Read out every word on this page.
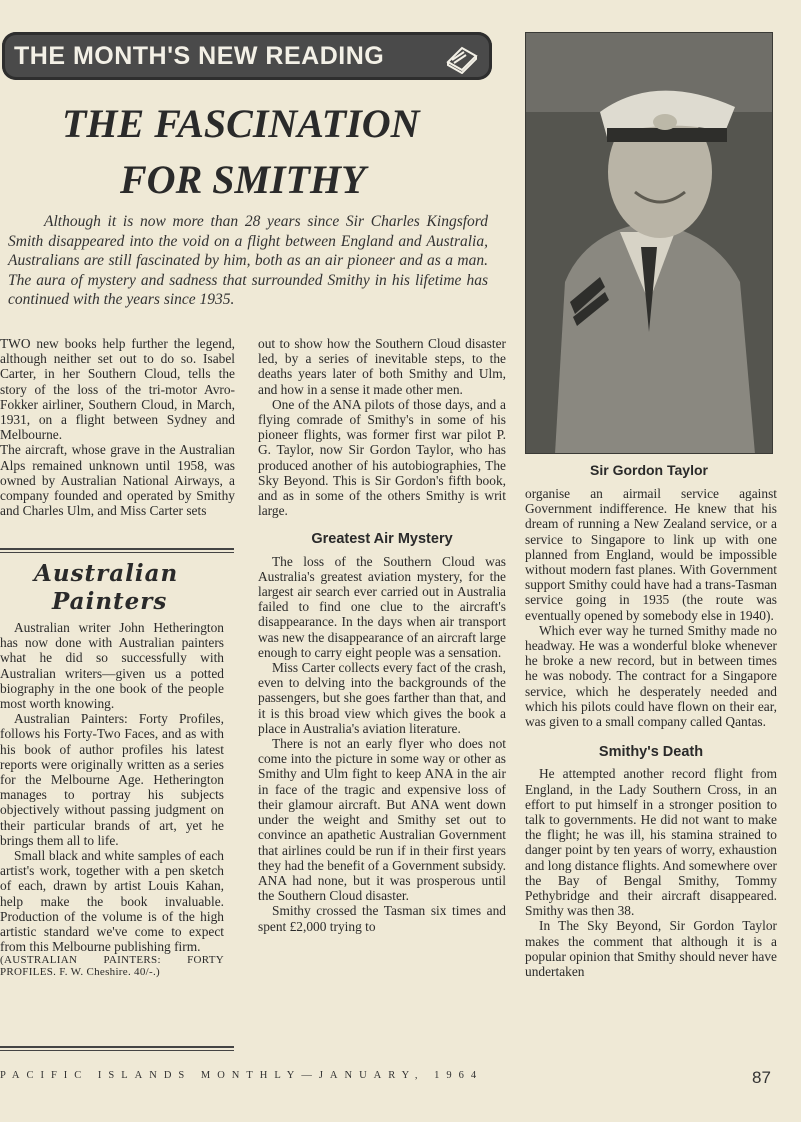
THE MONTH'S NEW READING
THE FASCINATION
FOR SMITHY
Although it is now more than 28 years since Sir Charles Kingsford Smith disappeared into the void on a flight between England and Australia, Australians are still fascinated by him, both as an air pioneer and as a man. The aura of mystery and sadness that surrounded Smithy in his lifetime has continued with the years since 1935.

TWO new books help further the legend, although neither set out to do so. Isabel Carter, in her Southern Cloud, tells the story of the loss of the tri-motor Avro-Fokker airliner, Southern Cloud, in March, 1931, on a flight between Sydney and Melbourne.

The aircraft, whose grave in the Australian Alps remained unknown until 1958, was owned by Australian National Airways, a company founded and operated by Smithy and Charles Ulm, and Miss Carter sets

Australian
Painters

Australian writer John Hetherington has now done with Australian painters what he did so successfully with Australian writers—given us a potted biography in the one book of the people most worth knowing.

Australian Painters: Forty Profiles, follows his Forty-Two Faces, and as with his book of author profiles his latest reports were originally written as a series for the Melbourne Age. Hetherington manages to portray his subjects objectively without passing judgment on their particular brands of art, yet he brings them all to life.

Small black and white samples of each artist's work, together with a pen sketch of each, drawn by artist Louis Kahan, help make the book invaluable. Production of the volume is of the high artistic standard we've come to expect from this Melbourne publishing firm.

(AUSTRALIAN PAINTERS: FORTY PROFILES. F. W. Cheshire. 40/-.)

out to show how the Southern Cloud disaster led, by a series of inevitable steps, to the deaths years later of both Smithy and Ulm, and how in a sense it made other men.

One of the ANA pilots of those days, and a flying comrade of Smithy's in some of his pioneer flights, was former first war pilot P. G. Taylor, now Sir Gordon Taylor, who has produced another of his autobiographies, The Sky Beyond. This is Sir Gordon's fifth book, and as in some of the others Smithy is writ large.

Greatest Air Mystery

The loss of the Southern Cloud was Australia's greatest aviation mystery, for the largest air search ever carried out in Australia failed to find one clue to the aircraft's disappearance. In the days when air transport was new the disappearance of an aircraft large enough to carry eight people was a sensation.

Miss Carter collects every fact of the crash, even to delving into the backgrounds of the passengers, but she goes farther than that, and it is this broad view which gives the book a place in Australia's aviation literature.

There is not an early flyer who does not come into the picture in some way or other as Smithy and Ulm fight to keep ANA in the air in face of the tragic and expensive loss of their glamour aircraft. But ANA went down under the weight and Smithy set out to convince an apathetic Australian Government that airlines could be run if in their first years they had the benefit of a Government subsidy. ANA had none, but it was prosperous until the Southern Cloud disaster.

Smithy crossed the Tasman six times and spent £2,000 trying to

Sir Gordon Taylor

organise an airmail service against Government indifference. He knew that his dream of running a New Zealand service, or a service to Singapore to link up with one planned from England, would be impossible without modern fast planes. With Government support Smithy could have had a trans-Tasman service going in 1935 (the route was eventually opened by somebody else in 1940).

Which ever way he turned Smithy made no headway. He was a wonderful bloke whenever he broke a new record, but in between times he was nobody. The contract for a Singapore service, which he desperately needed and which his pilots could have flown on their ear, was given to a small company called Qantas.

Smithy's Death

He attempted another record flight from England, in the Lady Southern Cross, in an effort to put himself in a stronger position to talk to governments. He did not want to make the flight; he was ill, his stamina strained to danger point by ten years of worry, exhaustion and long distance flights. And somewhere over the Bay of Bengal Smithy, Tommy Pethybridge and their aircraft disappeared. Smithy was then 38.

In The Sky Beyond, Sir Gordon Taylor makes the comment that although it is a popular opinion that Smithy should never have undertaken

PACIFIC ISLANDS MONTHLY—JANUARY, 1964	87
